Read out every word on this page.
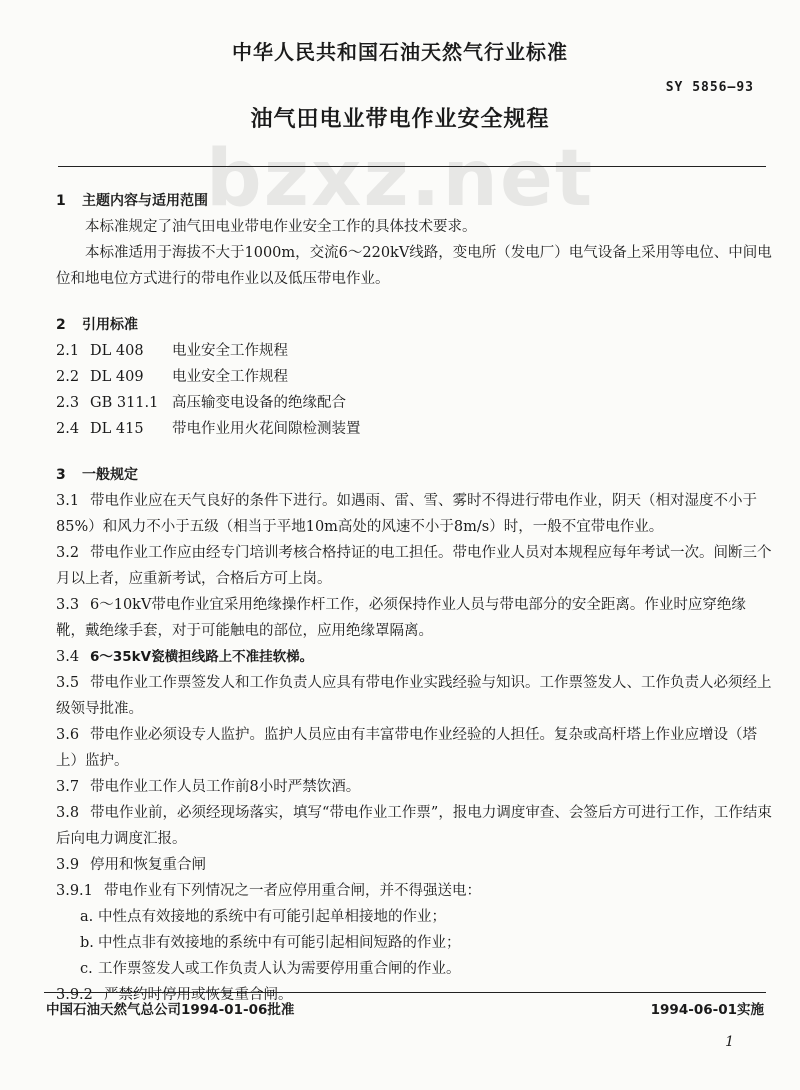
bzxz.net
中华人民共和国石油天然气行业标准
SY 5856—93
油气田电业带电作业安全规程
1 主题内容与适用范围
本标准规定了油气田电业带电作业安全工作的具体技术要求。
本标准适用于海拔不大于1000m，交流6～220kV线路，变电所（发电厂）电气设备上采用等电位、中间电位和地电位方式进行的带电作业以及低压带电作业。
2 引用标准
2.1 DL 408 电业安全工作规程
2.2 DL 409 电业安全工作规程
2.3 GB 311.1 高压输变电设备的绝缘配合
2.4 DL 415 带电作业用火花间隙检测装置
3 一般规定
3.1 带电作业应在天气良好的条件下进行。如遇雨、雷、雪、雾时不得进行带电作业，阴天（相对湿度不小于85%）和风力不小于五级（相当于平地10m高处的风速不小于8m/s）时，一般不宜带电作业。
3.2 带电作业工作应由经专门培训考核合格持证的电工担任。带电作业人员对本规程应每年考试一次。间断三个月以上者，应重新考试，合格后方可上岗。
3.3 6～10kV带电作业宜采用绝缘操作杆工作，必须保持作业人员与带电部分的安全距离。作业时应穿绝缘靴，戴绝缘手套，对于可能触电的部位，应用绝缘罩隔离。
3.4 6～35kV瓷横担线路上不准挂软梯。
3.5 带电作业工作票签发人和工作负责人应具有带电作业实践经验与知识。工作票签发人、工作负责人必须经上级领导批准。
3.6 带电作业必须设专人监护。监护人员应由有丰富带电作业经验的人担任。复杂或高杆塔上作业应增设（塔上）监护。
3.7 带电作业工作人员工作前8小时严禁饮酒。
3.8 带电作业前，必须经现场落实，填写“带电作业工作票”，报电力调度审查、会签后方可进行工作，工作结束后向电力调度汇报。
3.9 停用和恢复重合闸
3.9.1 带电作业有下列情况之一者应停用重合闸，并不得强送电：
a. 中性点有效接地的系统中有可能引起单相接地的作业；
b. 中性点非有效接地的系统中有可能引起相间短路的作业；
c. 工作票签发人或工作负责人认为需要停用重合闸的作业。
3.9.2 严禁约时停用或恢复重合闸。
中国石油天然气总公司1994-01-06批准	1994-06-01实施
1
